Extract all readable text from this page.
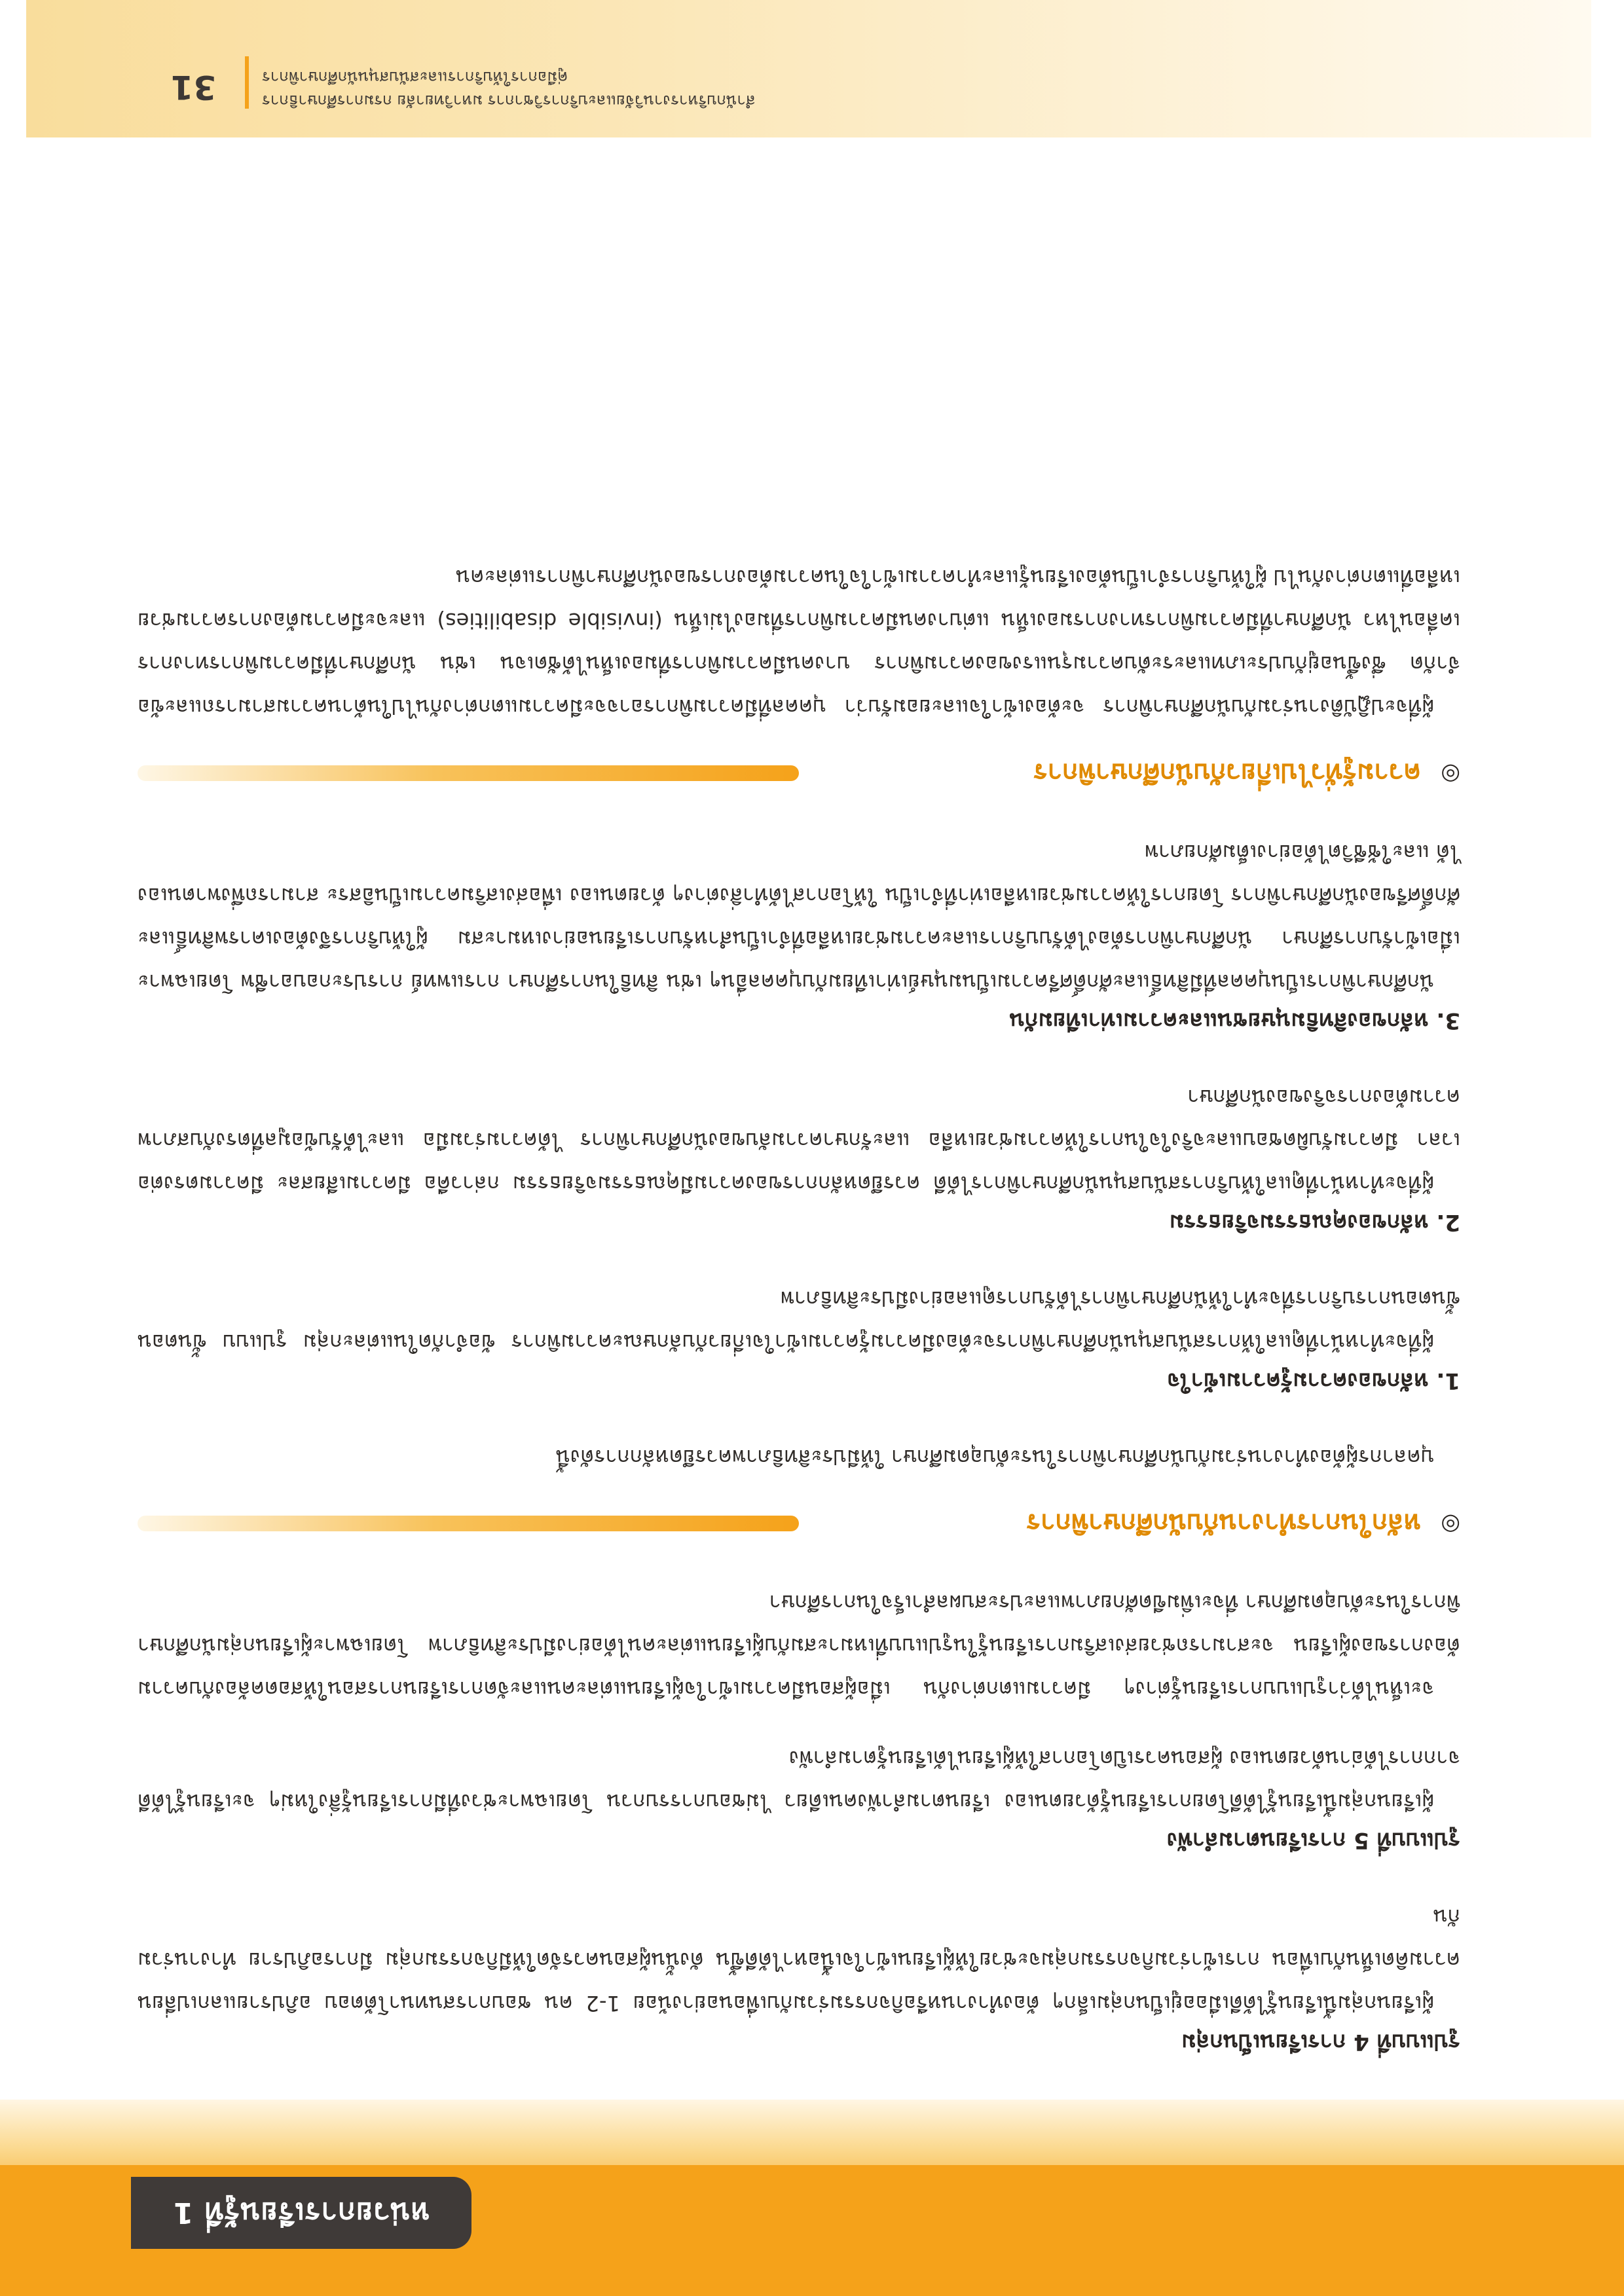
หน่วยการเรียนรู้ที่ 1
รูปแบบที่ 4 การเรียนเป็นกลุ่ม

ผู้เรียนกลุ่มนี้เรียนรู้ได้ดีเมื่ออยู่เป็นกลุ่มเล็กๆ ต้องทำงานหรือกิจกรรมร่วมกับเพื่อนอย่างน้อย 1-2 คน ชอบการสนทนาโต้ตอบ อภิปรายแลกเปลี่ยนความคิดเห็นกับเพื่อน การเข้าร่วมกิจกรรมกลุ่มจะช่วยให้ผู้เรียนเข้าใจเนื้อหาได้ดีขึ้น ดังนั้นผู้สอนควรจัดให้มีกิจกรรมกลุ่ม มีการอภิปราย ทำงานร่วมกัน

รูปแบบที่ 5 การเรียนตามลำพัง

ผู้เรียนกลุ่มนี้เรียนรู้ได้ดีโดยการเรียนรู้ด้วยตนเอง เรียนตามลำพังคนเดียว ไม่ชอบการรบกวน โดยเฉพาะช่วงที่มีการเรียนรู้สิ่งใหม่ๆ จะเรียนรู้ได้ดีจากการได้อ่านด้วยตนเอง ผู้สอนควรเปิดโอกาสให้ผู้เรียนได้เรียนรู้ตามลำพัง

จะเห็นได้ว่ารูปแบบการเรียนรู้ต่างๆ มีความแตกต่างกัน เมื่อผู้สอนมีความเข้าใจผู้เรียนแต่ละคนและจัดการเรียนการสอนให้สอดคล้องกับความต้องการของผู้เรียน จะสามารถช่วยส่งเสริมการเรียนรู้ในรูปแบบที่เหมาะสมกับผู้เรียนแต่ละคนได้อย่างมีประสิทธิภาพ โดยเฉพาะผู้เรียนกลุ่มนักศึกษาพิการในระดับอุดมศึกษา ที่จะเพิ่มขีดศักยภาพและประสบผลสำเร็จในการศึกษา

◎
หลักในการทำงานกับนักศึกษาพิการ

บุคลากรผู้ต้องทำงานร่วมกับนักศึกษาพิการในระดับอุดมศึกษา ให้มีประสิทธิภาพควรยึดหลักการดังนี้

1. หลักของความรู้ความเข้าใจ

ผู้ที่จะทำหน้าที่ดูแลให้การสนับสนุนนักศึกษาพิการจะต้องมีความรู้ความเข้าใจเกี่ยวกับลักษณะความพิการ ข้อจำกัดในแต่ละกลุ่ม รูปแบบ ขั้นตอน ขั้นตอนการบริการที่จะทำให้นักศึกษาพิการได้รับการดูแลอย่างมีประสิทธิภาพ

2. หลักของคุณธรรมจริยธรรม

ผู้ที่จะทำหน้าที่ดูแลให้บริการสนับสนุนนักศึกษาพิการได้ดี ควรยึดหลักการของความมีคุณธรรมจริยธรรม กล่าวคือ มีความเสียสละ มีความตรงต่อเวลา มีความรับผิดชอบและจริงใจในการให้ความช่วยเหลือ และรักษาความลับของนักศึกษาพิการ ได้ความร่วมมือ และได้รับข้อมูลที่ตรงกับสภาพความต้องการจริงของนักศึกษา

3. หลักของสิทธิมนุษยชนและความเท่าเทียมกัน

นักศึกษาพิการเป็นบุคคลที่มีสิทธิ์และศักดิ์ศรีความเป็นมนุษย์เท่าเทียมกับบุคคลอื่นๆ เช่น สิทธิในการศึกษา การแพทย์ การประกอบอาชีพ โดยเฉพาะเมื่อเข้ารับการศึกษา นักศึกษาพิการต้องได้รับบริการและความช่วยเหลือที่จำเป็นสำหรับการเรียนอย่างเหมาะสม ผู้ให้บริการจึงต้องเคารพสิทธิ์และศักดิ์ศรีของนักศึกษาพิการ โดยการให้ความช่วยเหลือเท่าที่จำเป็น ให้โอกาสได้ทำสิ่งต่างๆ ด้วยตนเอง เพื่อส่งเสริมความเป็นอิสระ สามารถพึ่งพาตนเองได้ และใช้ชีวิตได้อย่างเต็มศักยภาพ

◎
ความรู้ทั่วไปเกี่ยวกับนักศึกษาพิการ

ผู้ที่จะปฏิบัติงานร่วมกับนักศึกษาพิการ จะต้องเข้าใจและยอมรับว่า บุคคลที่มีความพิการอาจจะมีความแตกต่างกันไปในด้านความสามารถและข้อจำกัด ซึ่งขึ้นอยู่กับประเภทและระดับความรุนแรงของความพิการ บางคนมีความพิการที่มองเห็นได้ชัดเจน เช่น นักศึกษาที่มีความพิการทางการเคลื่อนไหว นักศึกษาที่มีความพิการทางการมองเห็น แต่บางคนมีความพิการที่มองไม่เห็น (invisible disabilities) และจะมีความต้องการความช่วยเหลือที่แตกต่างกันไป ผู้ให้บริการจำเป็นต้องเรียนรู้และทำความเข้าใจในความต้องการของนักศึกษาพิการแต่ละคน

สำนักบริหารงานวิจัยและบริการวิชาการ มหาวิทยาลัย กรมการศึกษาธิการ
คู่มือการให้บริการและสนับสนุนนักศึกษาพิการ
31
